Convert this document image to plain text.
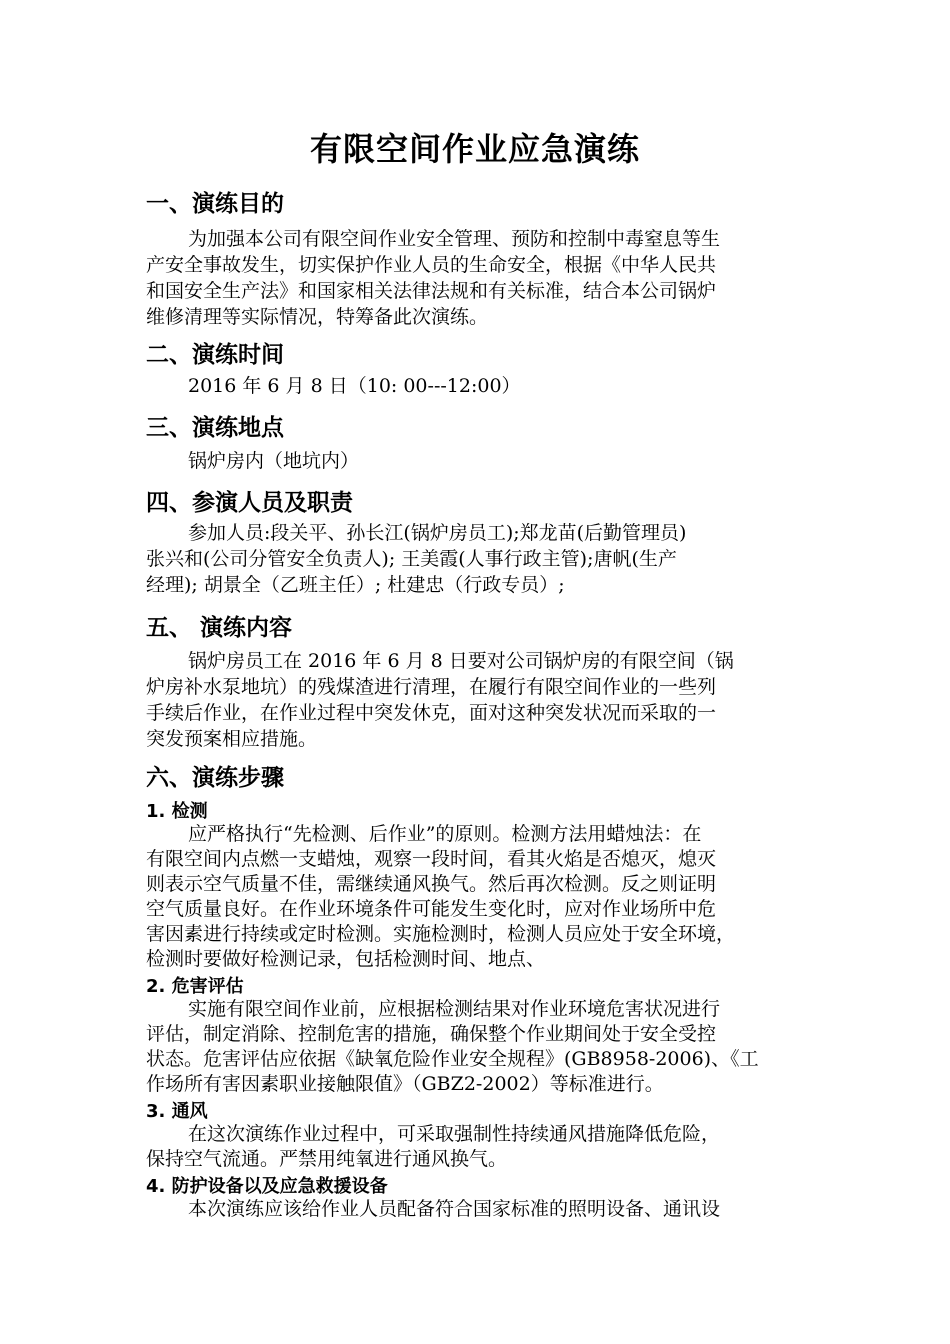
有限空间作业应急演练
一、演练目的
为加强本公司有限空间作业安全管理、预防和控制中毒窒息等生
产安全事故发生，切实保护作业人员的生命安全，根据《中华人民共
和国安全生产法》和国家相关法律法规和有关标准，结合本公司锅炉
维修清理等实际情况，特筹备此次演练。
二、演练时间
2016 年 6 月 8 日（10: 00---12:00）
三、演练地点
锅炉房内（地坑内）
四、参演人员及职责
参加人员:段关平、孙长江(锅炉房员工);郑龙苗(后勤管理员)
张兴和(公司分管安全负责人); 王美霞(人事行政主管);唐帆(生产
经理); 胡景全（乙班主任）; 杜建忠（行政专员）;
五、 演练内容
锅炉房员工在 2016 年 6 月 8 日要对公司锅炉房的有限空间（锅
炉房补水泵地坑）的残煤渣进行清理，在履行有限空间作业的一些列
手续后作业，在作业过程中突发休克，面对这种突发状况而采取的一
突发预案相应措施。
六、演练步骤
1. 检测
应严格执行“先检测、后作业”的原则。检测方法用蜡烛法：在
有限空间内点燃一支蜡烛，观察一段时间，看其火焰是否熄灭，熄灭
则表示空气质量不佳，需继续通风换气。然后再次检测。反之则证明
空气质量良好。在作业环境条件可能发生变化时，应对作业场所中危
害因素进行持续或定时检测。实施检测时，检测人员应处于安全环境，
检测时要做好检测记录，包括检测时间、地点、
2. 危害评估
实施有限空间作业前，应根据检测结果对作业环境危害状况进行
评估，制定消除、控制危害的措施，确保整个作业期间处于安全受控
状态。危害评估应依据《缺氧危险作业安全规程》(GB8958-2006)、《工
作场所有害因素职业接触限值》（GBZ2-2002）等标准进行。
3. 通风
在这次演练作业过程中，可采取强制性持续通风措施降低危险，
保持空气流通。严禁用纯氧进行通风换气。
4. 防护设备以及应急救援设备
本次演练应该给作业人员配备符合国家标准的照明设备、通讯设
